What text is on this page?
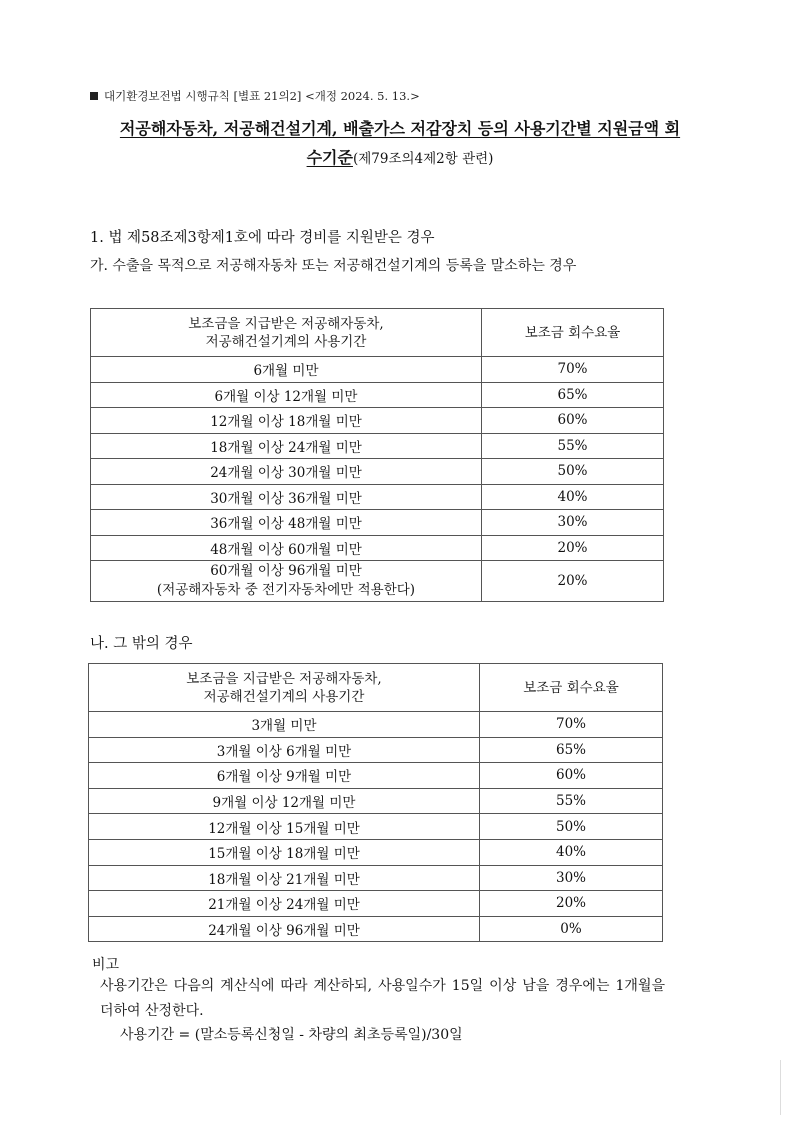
대기환경보전법 시행규칙 [별표 21의2] <개정 2024. 5. 13.>
저공해자동차, 저공해건설기계, 배출가스 저감장치 등의 사용기간별 지원금액 회
수기준(제79조의4제2항 관련)
1. 법 제58조제3항제1호에 따라 경비를 지원받은 경우
가. 수출을 목적으로 저공해자동차 또는 저공해건설기계의 등록을 말소하는 경우
보조금을 지급받은 저공해자동차,
저공해건설기계의 사용기간	보조금 회수요율
6개월 미만	70%
6개월 이상 12개월 미만	65%
12개월 이상 18개월 미만	60%
18개월 이상 24개월 미만	55%
24개월 이상 30개월 미만	50%
30개월 이상 36개월 미만	40%
36개월 이상 48개월 미만	30%
48개월 이상 60개월 미만	20%
60개월 이상 96개월 미만
(저공해자동차 중 전기자동차에만 적용한다)	20%
나. 그 밖의 경우
보조금을 지급받은 저공해자동차,
저공해건설기계의 사용기간	보조금 회수요율
3개월 미만	70%
3개월 이상 6개월 미만	65%
6개월 이상 9개월 미만	60%
9개월 이상 12개월 미만	55%
12개월 이상 15개월 미만	50%
15개월 이상 18개월 미만	40%
18개월 이상 21개월 미만	30%
21개월 이상 24개월 미만	20%
24개월 이상 96개월 미만	0%
비고
사용기간은 다음의 계산식에 따라 계산하되, 사용일수가 15일 이상 남을 경우에는 1개월을 더하여 산정한다.
사용기간 = (말소등록신청일 - 차량의 최초등록일)/30일
